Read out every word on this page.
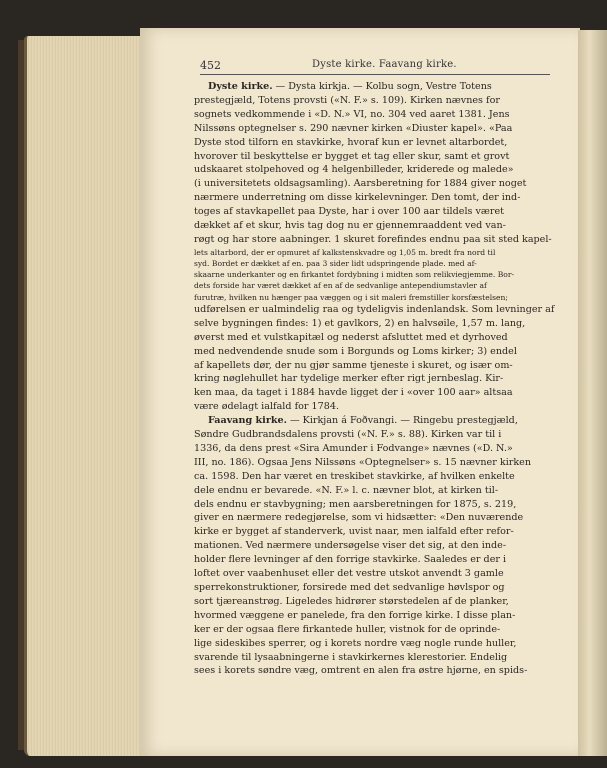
452	Dyste kirke. Faavang kirke.
Dyste kirke. — Dysta kirkja. — Kolbu sogn, Vestre Totens
prestegjæld, Totens provsti («N. F.» s. 109). Kirken nævnes for
sognets vedkommende i «D. N.» VI, no. 304 ved aaret 1381. Jens
Nilssøns optegnelser s. 290 nævner kirken «Diuster kapel». «Paa
Dyste stod tilforn en stavkirke, hvoraf kun er levnet altarbordet,
hvorover til beskyttelse er bygget et tag eller skur, samt et grovt
udskaaret stolpehoved og 4 helgenbilleder, kriderede og malede»
(i universitetets oldsagsamling). Aarsberetning for 1884 giver noget
nærmere underretning om disse kirkelevninger. Den tomt, der ind-
toges af stavkapellet paa Dyste, har i over 100 aar tildels været
dækket af et skur, hvis tag dog nu er gjennemraaddent ved van-
røgt og har store aabninger. 1 skuret forefindes endnu paa sit sted kapel-
lets altarbord, der er opmuret af kalkstenskvadre og 1,05 m. bredt fra nord til
syd. Bordet er dækket af en. paa 3 sider lidt udspringende plade. med af-
skaarne underkanter og en firkantet fordybning i midten som relikviegjemme. Bor-
dets forside har været dækket af en af de sedvanlige antependiumstavler af
furutræ, hvilken nu hænger paa væggen og i sit maleri fremstiller korsfæstelsen;
udførelsen er ualmindelig raa og tydeligvis indenlandsk. Som levninger af
selve bygningen findes: 1) et gavlkors, 2) en halvsøile, 1,57 m. lang,
øverst med et vulstkapitæl og nederst afsluttet med et dyrhoved
med nedvendende snude som i Borgunds og Loms kirker; 3) endel
af kapellets dør, der nu gjør samme tjeneste i skuret, og især om-
kring nøglehullet har tydelige merker efter rigt jernbeslag. Kir-
ken maa, da taget i 1884 havde ligget der i «over 100 aar» altsaa
være ødelagt ialfald for 1784.
Faavang kirke. — Kirkjan á Foðvangi. — Ringebu prestegjæld,
Søndre Gudbrandsdalens provsti («N. F.» s. 88). Kirken var til i
1336, da dens prest «Sira Amunder i Fodvange» nævnes («D. N.»
III, no. 186). Ogsaa Jens Nilssøns «Optegnelser» s. 15 nævner kirken
ca. 1598. Den har været en treskibet stavkirke, af hvilken enkelte
dele endnu er bevarede. «N. F.» l. c. nævner blot, at kirken til-
dels endnu er stavbygning; men aarsberetningen for 1875, s. 219,
giver en nærmere redegjørelse, som vi hidsætter: «Den nuværende
kirke er bygget af standerverk, uvist naar, men ialfald efter refor-
mationen. Ved nærmere undersøgelse viser det sig, at den inde-
holder flere levninger af den forrige stavkirke. Saaledes er der i
loftet over vaabenhuset eller det vestre utskot anvendt 3 gamle
sperrekonstruktioner, forsirede med det sedvanlige høvlspor og
sort tjæreanstrøg. Ligeledes hidrører størstedelen af de planker,
hvormed væggene er panelede, fra den forrige kirke. I disse plan-
ker er der ogsaa flere firkantede huller, vistnok for de oprinde-
lige sideskibes sperrer, og i korets nordre væg nogle runde huller,
svarende til lysaabningerne i stavkirkernes klerestorier. Endelig
sees i korets søndre væg, omtrent en alen fra østre hjørne, en spids-
